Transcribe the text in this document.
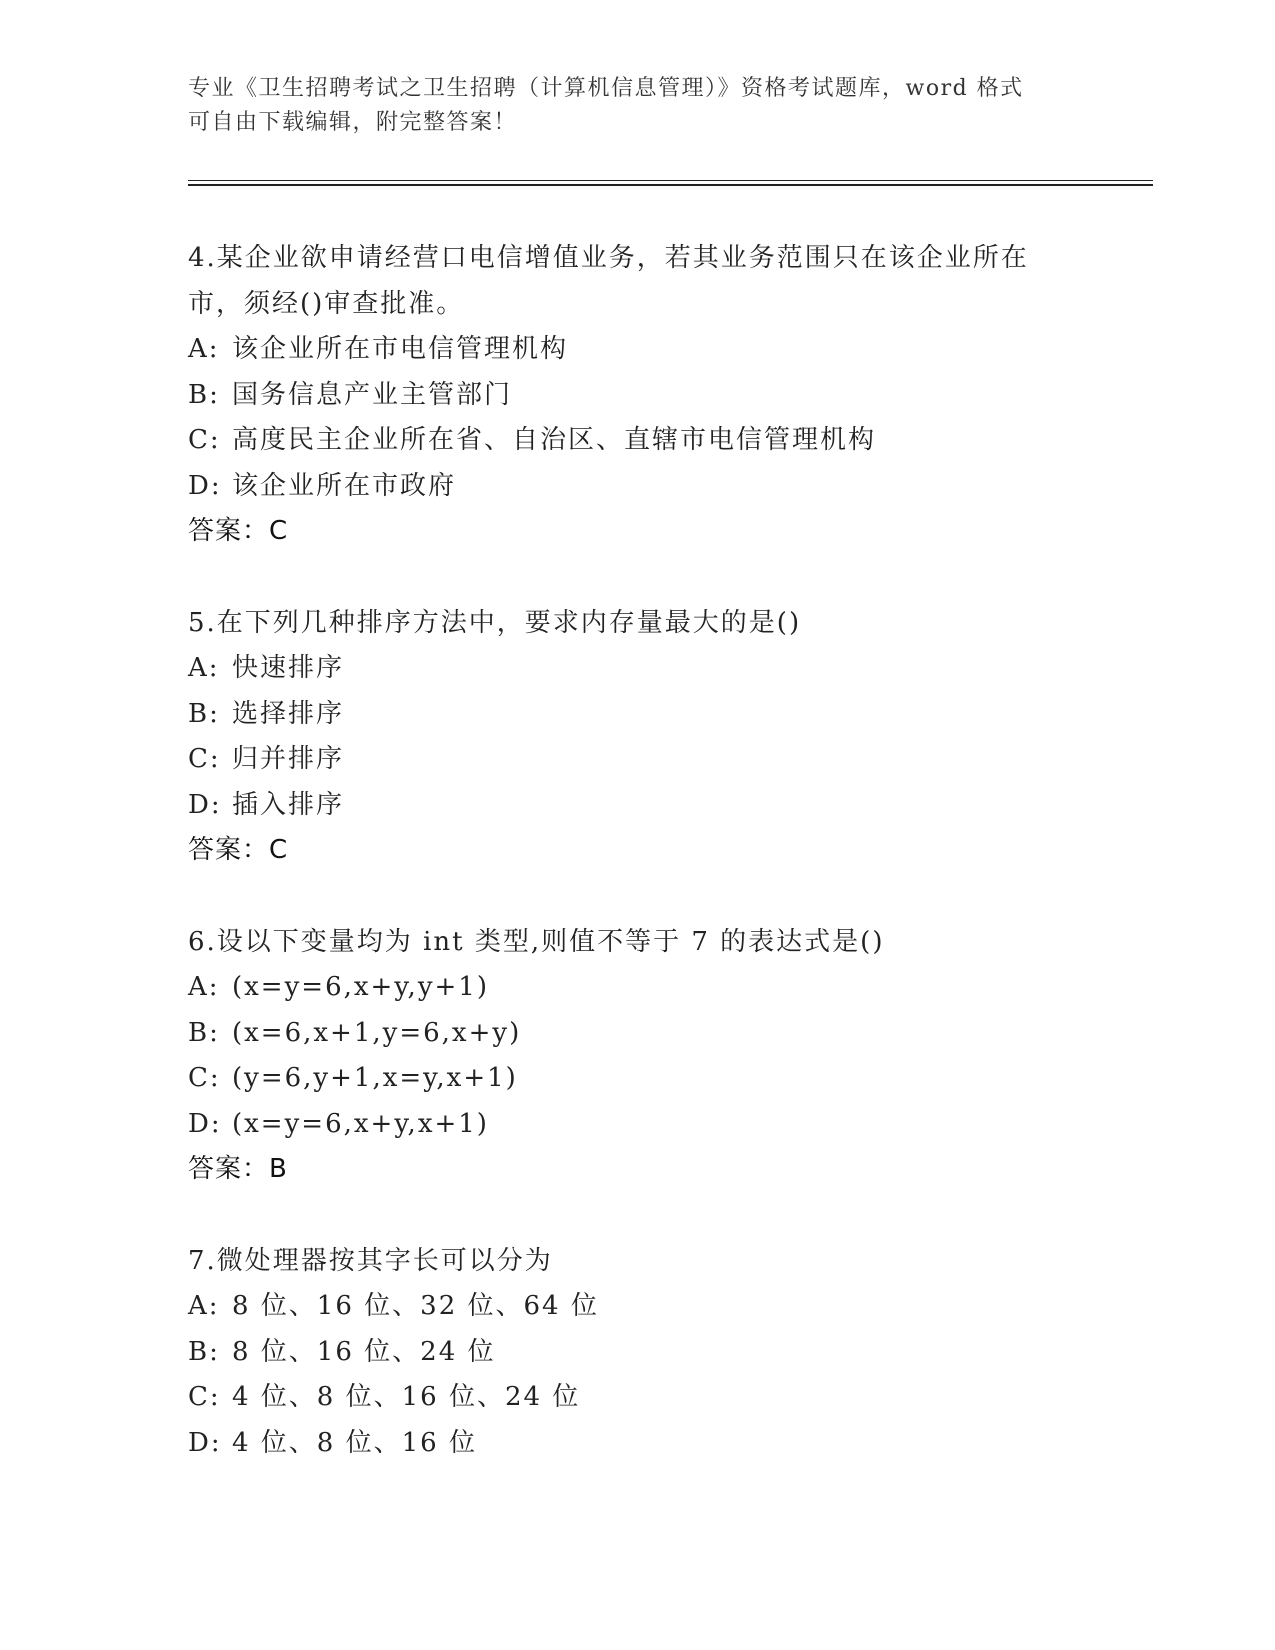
专业《卫生招聘考试之卫生招聘（计算机信息管理）》资格考试题库，word 格式
可自由下载编辑，附完整答案！
4.某企业欲申请经营口电信增值业务，若其业务范围只在该企业所在
市，须经()审查批准。
A: 该企业所在市电信管理机构
B: 国务信息产业主管部门
C: 高度民主企业所在省、自治区、直辖市电信管理机构
D: 该企业所在市政府
答案：C
5.在下列几种排序方法中，要求内存量最大的是()
A: 快速排序
B: 选择排序
C: 归并排序
D: 插入排序
答案：C
6.设以下变量均为 int 类型,则值不等于 7 的表达式是()
A: (x=y=6,x+y,y+1)
B: (x=6,x+1,y=6,x+y)
C: (y=6,y+1,x=y,x+1)
D: (x=y=6,x+y,x+1)
答案：B
7.微处理器按其字长可以分为
A: 8 位、16 位、32 位、64 位
B: 8 位、16 位、24 位
C: 4 位、8 位、16 位、24 位
D: 4 位、8 位、16 位
